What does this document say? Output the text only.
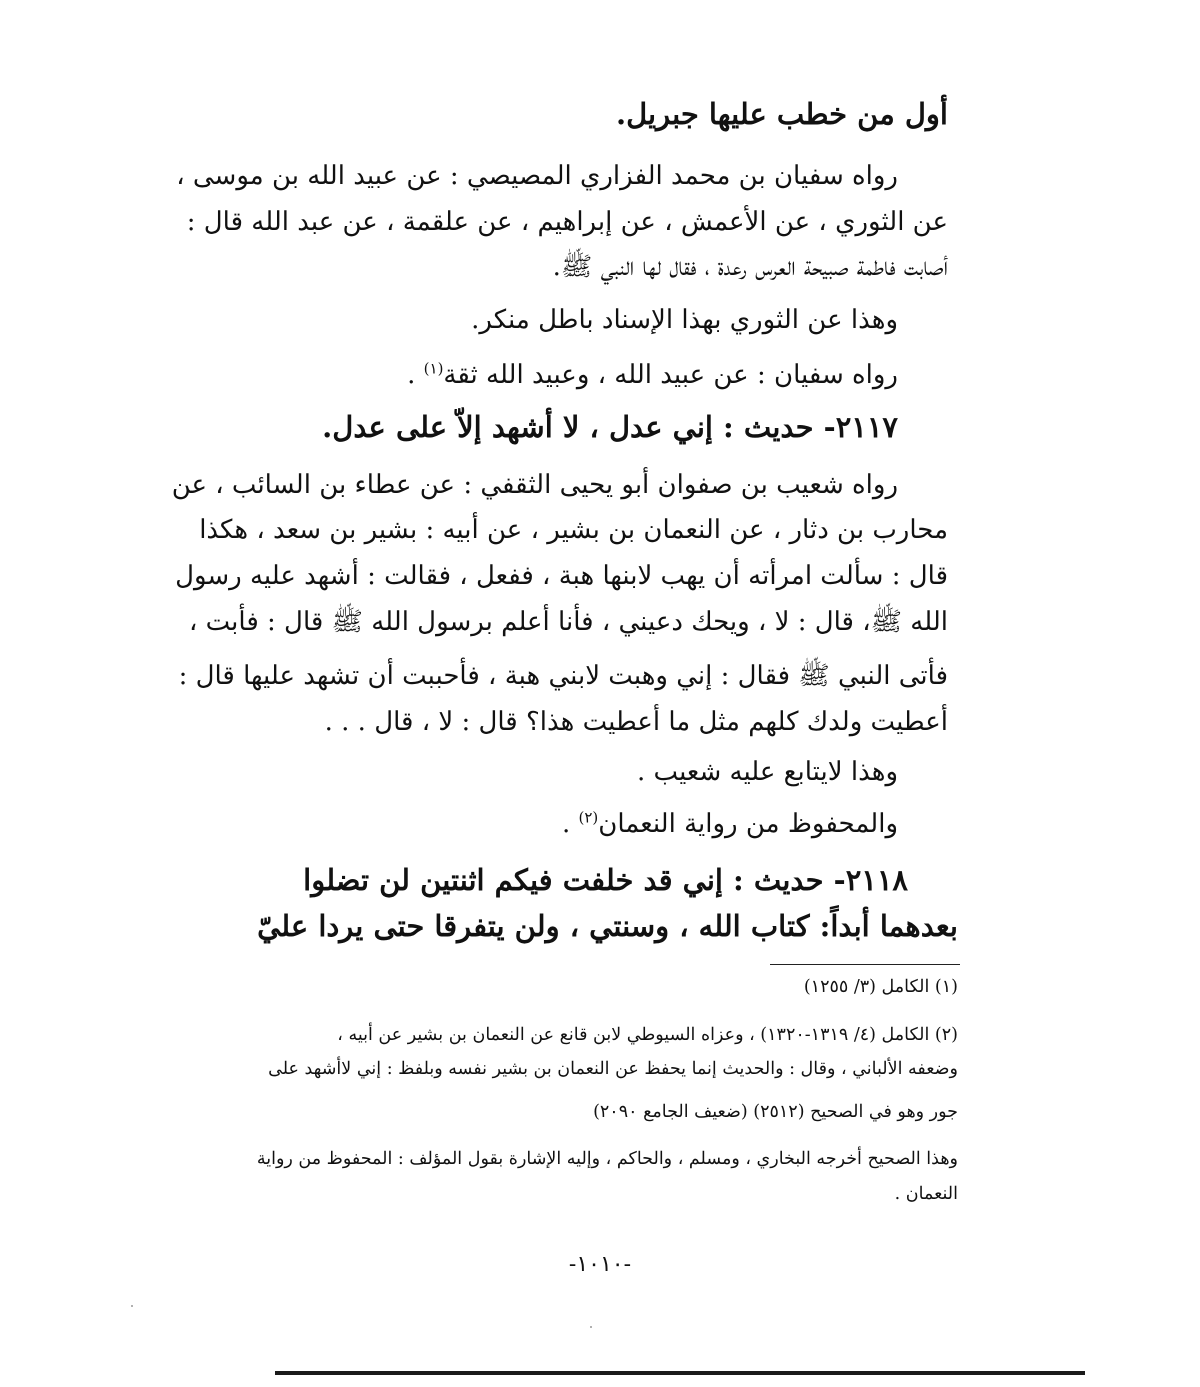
أول من خطب عليها جبريل.
رواه سفيان بن محمد الفزاري المصيصي : عن عبيد الله بن موسى ،
عن الثوري ، عن الأعمش ، عن إبراهيم ، عن علقمة ، عن عبد الله قال :
أصابت فاطمة صبيحة العرس رعدة ، فقال لها النبي ﷺ.
وهذا عن الثوري بهذا الإسناد باطل منكر.
رواه سفيان : عن عبيد الله ، وعبيد الله ثقة$^{(١)}$ .
٢١١٧- حديث : إني عدل ، لا أشهد إلاّ على عدل.
رواه شعيب بن صفوان أبو يحيى الثقفي : عن عطاء بن السائب ، عن
محارب بن دثار ، عن النعمان بن بشير ، عن أبيه : بشير بن سعد ، هكذا
قال : سألت امرأته أن يهب لابنها هبة ، ففعل ، فقالت : أشهد عليه رسول
الله ﷺ، قال : لا ، ويحك دعيني ، فأنا أعلم برسول الله ﷺ قال : فأبت ،
فأتى النبي ﷺ فقال : إني وهبت لابني هبة ، فأحببت أن تشهد عليها قال :
أعطيت ولدك كلهم مثل ما أعطيت هذا؟ قال : لا ، قال . . .
وهذا لايتابع عليه شعيب .
والمحفوظ من رواية النعمان$^{(٢)}$ .
٢١١٨- حديث : إني قد خلفت فيكم اثنتين لن تضلوا
بعدهما أبداً: كتاب الله ، وسنتي ، ولن يتفرقا حتى يردا عليّ
(١) الكامل (٣/ ١٢٥٥)
(٢) الكامل (٤/ ١٣١٩-١٣٢٠) ، وعزاه السيوطي لابن قانع عن النعمان بن بشير عن أبيه ،
وضعفه الألباني ، وقال : والحديث إنما يحفظ عن النعمان بن بشير نفسه وبلفظ : إني لاأشهد على
جور وهو في الصحيح (٢٥١٢) (ضعيف الجامع ٢٠٩٠)
وهذا الصحيح أخرجه البخاري ، ومسلم ، والحاكم ، وإليه الإشارة بقول المؤلف : المحفوظ من رواية
النعمان .
-١٠١٠-
